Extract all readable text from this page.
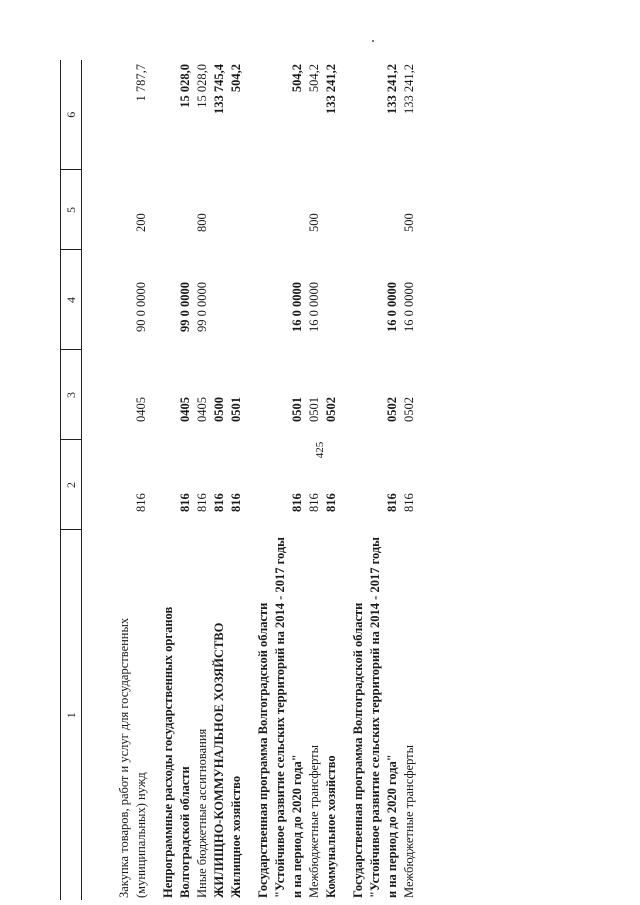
425
1	2	3	4	5	6
Закупка товаров, работ и услуг для государственных (муниципальных) нужд	816	0405	90 0 0000	200	1 787,7

Непрограммные расходы государственных органов Волгоградской области	816	0405	99 0 0000		15 028,0
Иные бюджетные ассигнования	816	0405	99 0 0000	800	15 028,0
ЖИЛИЩНО-КОММУНАЛЬНОЕ ХОЗЯЙСТВО	816	0500			133 745,4
Жилищное хозяйство	816	0501			504,2

Государственная программа Волгоградской области "Устойчивое развитие сельских территорий на 2014 - 2017 годы и на период до 2020 года"	816	0501	16 0 0000		504,2
Межбюджетные трансферты	816	0501	16 0 0000	500	504,2
Коммунальное хозяйство	816	0502			133 241,2

Государственная программа Волгоградской области "Устойчивое развитие сельских территорий на 2014 - 2017 годы и на период до 2020 года"	816	0502	16 0 0000		133 241,2
Межбюджетные трансферты	816	0502	16 0 0000	500	133 241,2
